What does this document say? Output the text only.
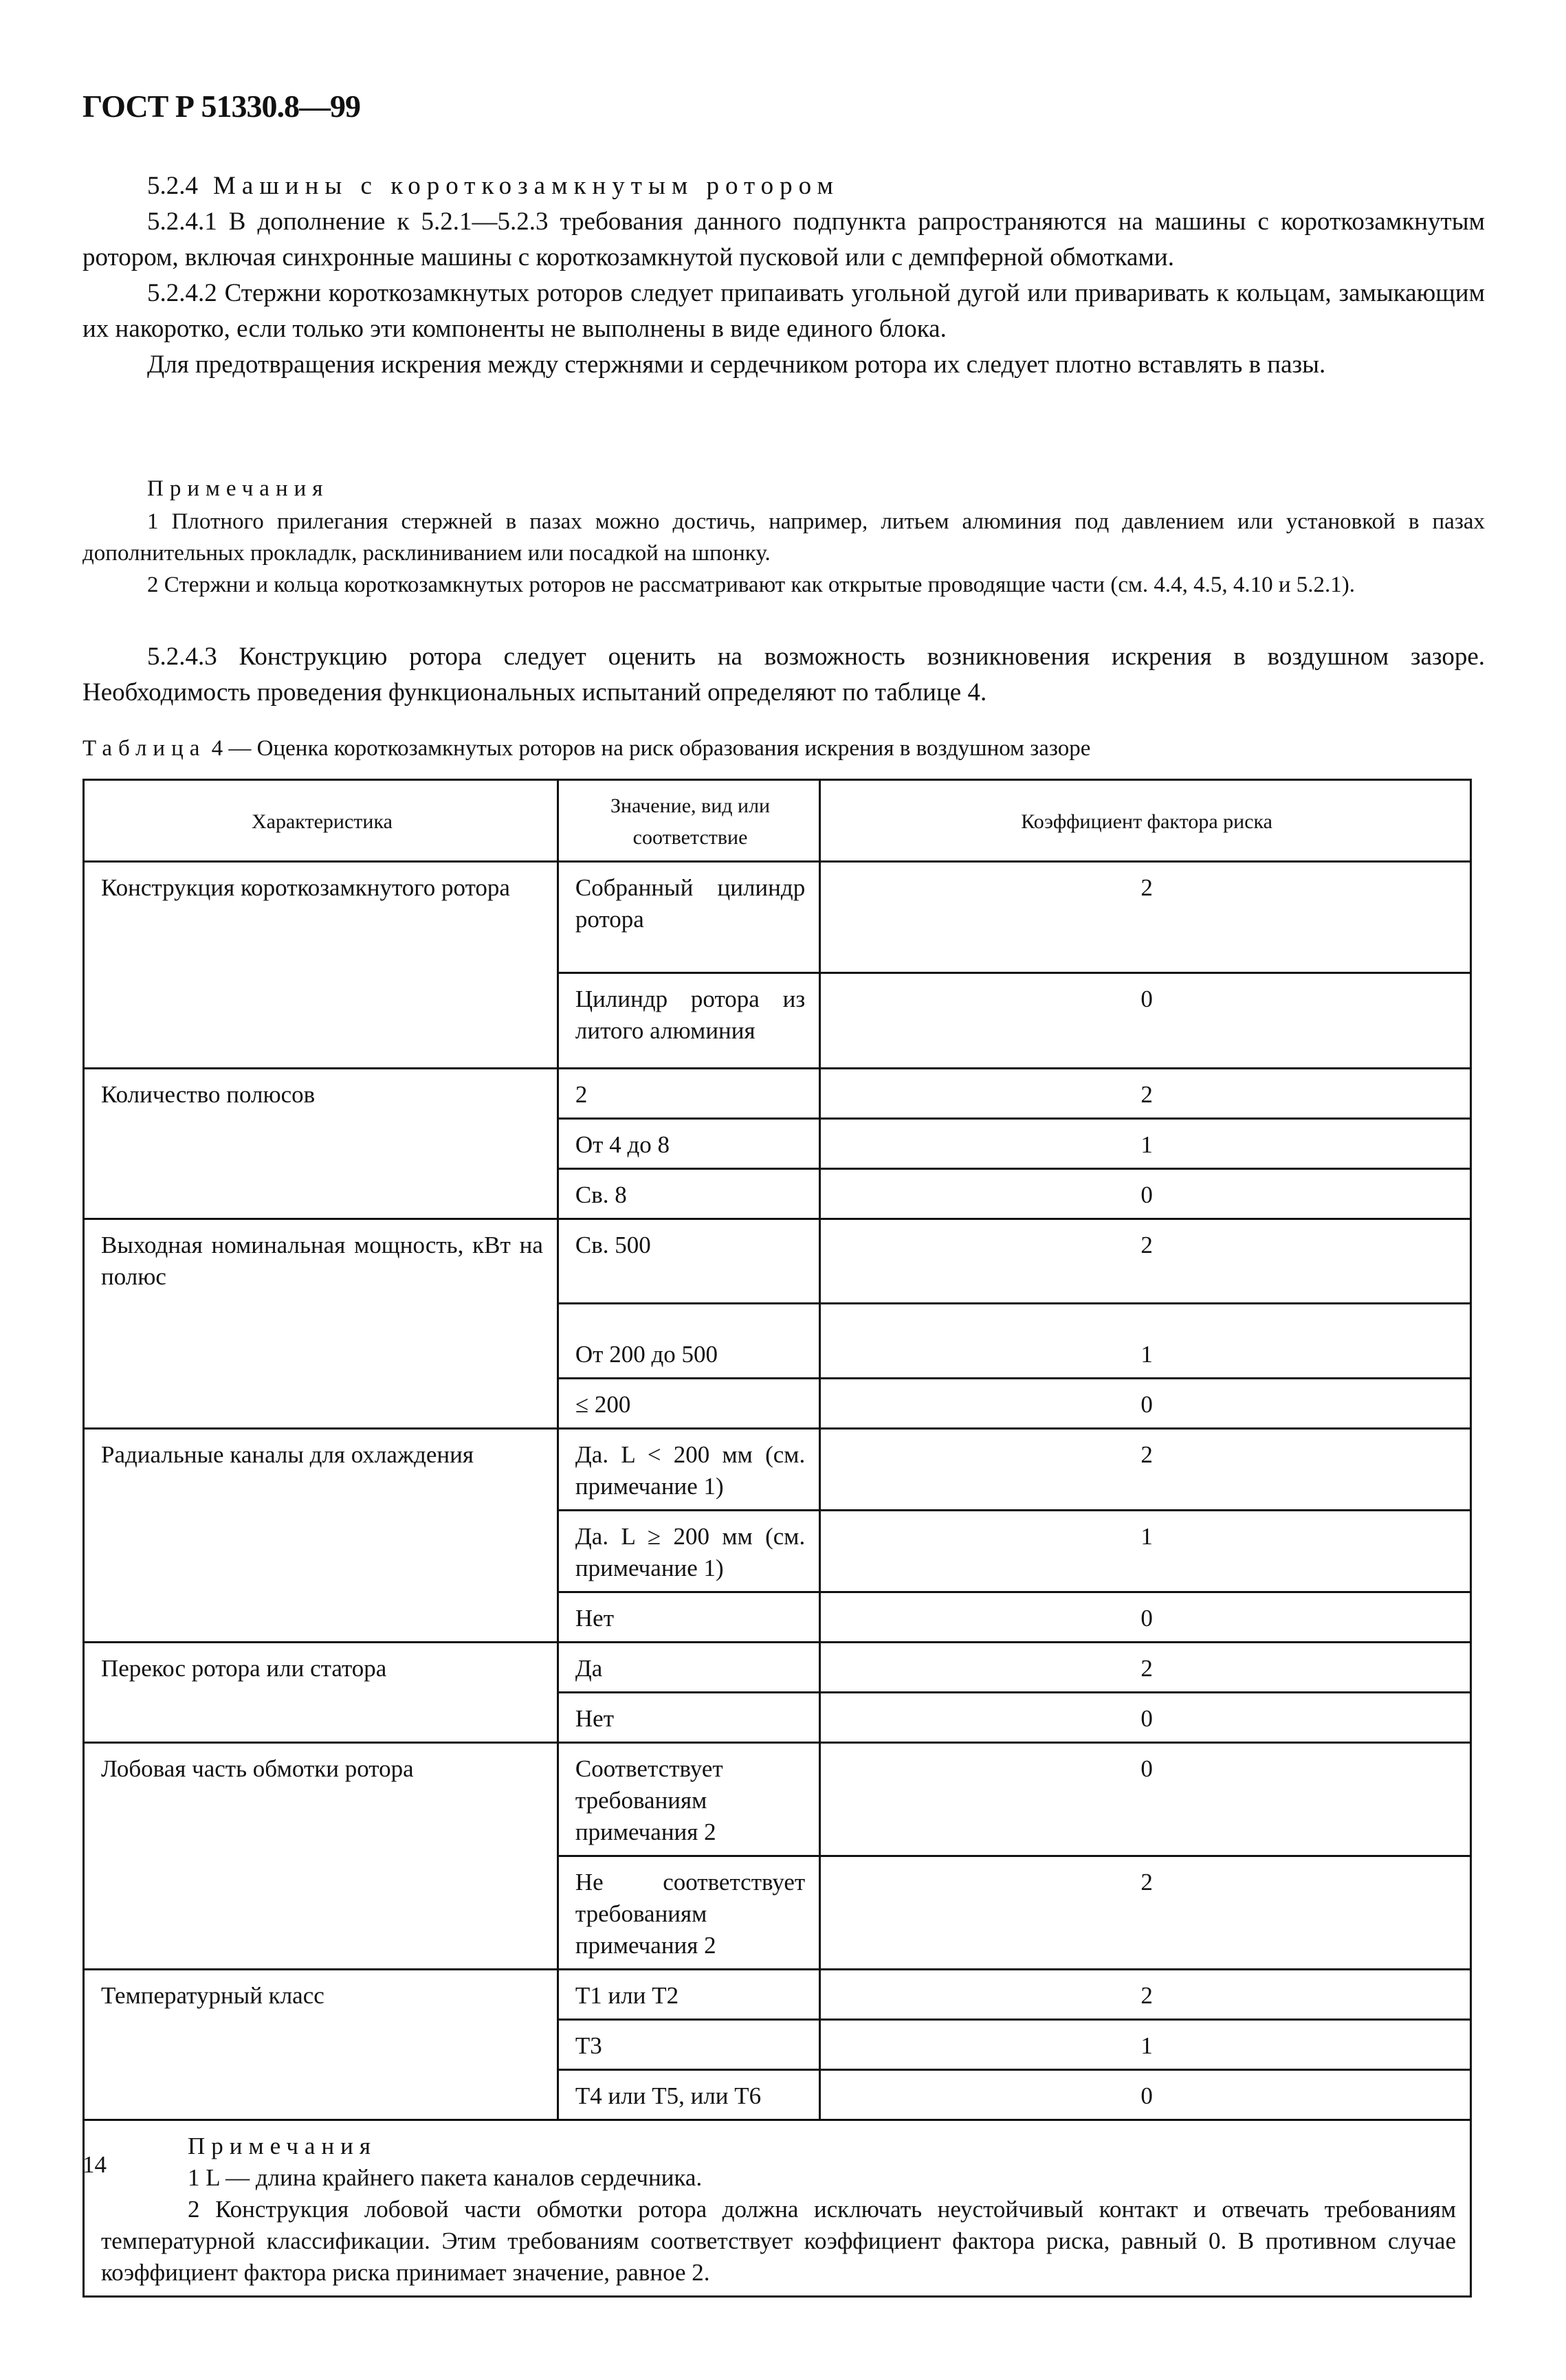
ГОСТ Р 51330.8—99

5.2.4 Машины с короткозамкнутым ротором

5.2.4.1 В дополнение к 5.2.1—5.2.3 требования данного подпункта рапространяются на машины с короткозамкнутым ротором, включая синхронные машины с короткозамкнутой пусковой или с демпферной обмотками.

5.2.4.2 Стержни короткозамкнутых роторов следует припаивать угольной дугой или приваривать к кольцам, замыкающим их накоротко, если только эти компоненты не выполнены в виде единого блока.

Для предотвращения искрения между стержнями и сердечником ротора их следует плотно вставлять в пазы.

Примечания

1 Плотного прилегания стержней в пазах можно достичь, например, литьем алюминия под давлением или установкой в пазах дополнительных прокладлк, расклиниванием или посадкой на шпонку.

2 Стержни и кольца короткозамкнутых роторов не рассматривают как открытые проводящие части (см. 4.4, 4.5, 4.10 и 5.2.1).

5.2.4.3 Конструкцию ротора следует оценить на возможность возникновения искрения в воздушном зазоре. Необходимость проведения функциональных испытаний определяют по таблице 4.

Таблица 4 — Оценка короткозамкнутых роторов на риск образования искрения в воздушном зазоре
Характеристика	Значение, вид или соответствие	Коэффициент фактора риска
Конструкция короткозамкнутого ротора	Собранный цилиндр ротора	2
	Цилиндр ротора из литого алюминия	0
Количество полюсов	2	2
	От 4 до 8	1
	Св. 8	0
Выходная номинальная мощность, кВт на полюс	Св. 500	2
	От 200 до 500	1
	≤ 200	0
Радиальные каналы для охлаждения	Да. L < 200 мм (см. примечание 1)	2
	Да. L ≥ 200 мм (см. примечание 1)	1
	Нет	0
Перекос ротора или статора	Да	2
	Нет	0
Лобовая часть обмотки ротора	Соответствует требованиям примечания 2	0
	Не соответствует требованиям примечания 2	2
Температурный класс	T1 или T2	2
	T3	1
	T4 или T5, или T6	0

Примечания

1 L — длина крайнего пакета каналов сердечника.

2 Конструкция лобовой части обмотки ротора должна исключать неустойчивый контакт и отвечать требованиям температурной классификации. Этим требованиям соответствует коэффициент фактора риска, равный 0. В противном случае коэффициент фактора риска принимает значение, равное 2.		

14
